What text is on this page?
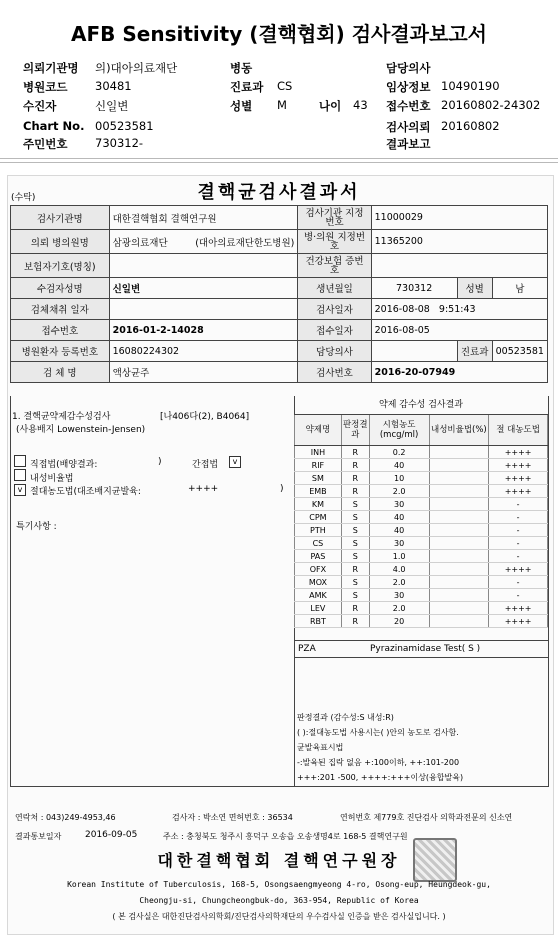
AFB Sensitivity (결핵협회) 검사결과보고서
의뢰기관명 의)대아의료재단	병동	담당의사
병원코드 30481	진료과 CS	임상정보 10490190
수진자	신일변	성별 M	나이 43 접수번호 20160802-24302
Chart No. 00523581	검사의뢰 20160802
주민번호 730312-	결과보고
(수탁)	결핵균검사결과서
검사기관명	대한결핵협회 결핵연구원	검사기관 지정번호	11000029		
의뢰 병의원명	삼광의료재단 (대아의료재단한도병원)	병·의원 지정번호	11365200		
보험자기호(명칭)		건강보험 증번호			
수검자성명	신일변	생년월일	730312	성별	남
검체채취 일자		검사일자	2016-08-08 9:51:43		
접수번호	2016-01-2-14028	접수일자	2016-08-05		
병원환자 등록번호	16080224302	담당의사		진료과	00523581
검 체 명	액상균주	검사번호	2016-20-07949		
1. 결핵균약제감수성검사	[나406다(2), B4064]
(사용배지 Lowenstein-Jensen)
직접법(배양결과:	)	간접법	v
내성비율법
v 절대농도법(대조배지균발육:	++++	)
특기사항 :
약제 감수성 검사결과
약제명	판정결과	시험농도(mcg/ml)	내성비율법(%)	절 대농도법
INH	R	0.2		++++
RIF	R	40		++++
SM	R	10		++++
EMB	R	2.0		++++
KM	S	30		-
CPM	S	40		-
PTH	S	40		-
CS	S	30		-
PAS	S	1.0		-
OFX	R	4.0		++++
MOX	S	2.0		-
AMK	S	30		-
LEV	R	2.0		++++
RBT	R	20		++++
PZA	Pyrazinamidase Test( S )
판정결과 (감수성:S 내성:R)
( ):절대농도법 사용시는( )안의 농도로 검사함.
균발육표시법
-:발육된 집락 없음 +:100이하, ++:101-200
+++:201 -500, ++++:+++이상(융합발육)
연락처 : 043)249-4953,46	검사자 : 박소연 면허번호 : 36534	연허번호 제779호 진단검사 의학과전문의 신소연
결과통보일자	2016-09-05	주소 : 충청북도 청주시 흥덕구 오송읍 오송생명4로 168-5 결핵연구원
대한결핵협회 결핵연구원장
Korean Institute of Tuberculosis, 168-5, Osongsaengmyeong 4-ro, Osong-eup, Heungdeok-gu,
Cheongju-si, Chungcheongbuk-do, 363-954, Republic of Korea
( 본 검사실은 대한진단검사의학회/진단검사의학재단의 우수검사실 인증을 받은 검사실입니다. )
